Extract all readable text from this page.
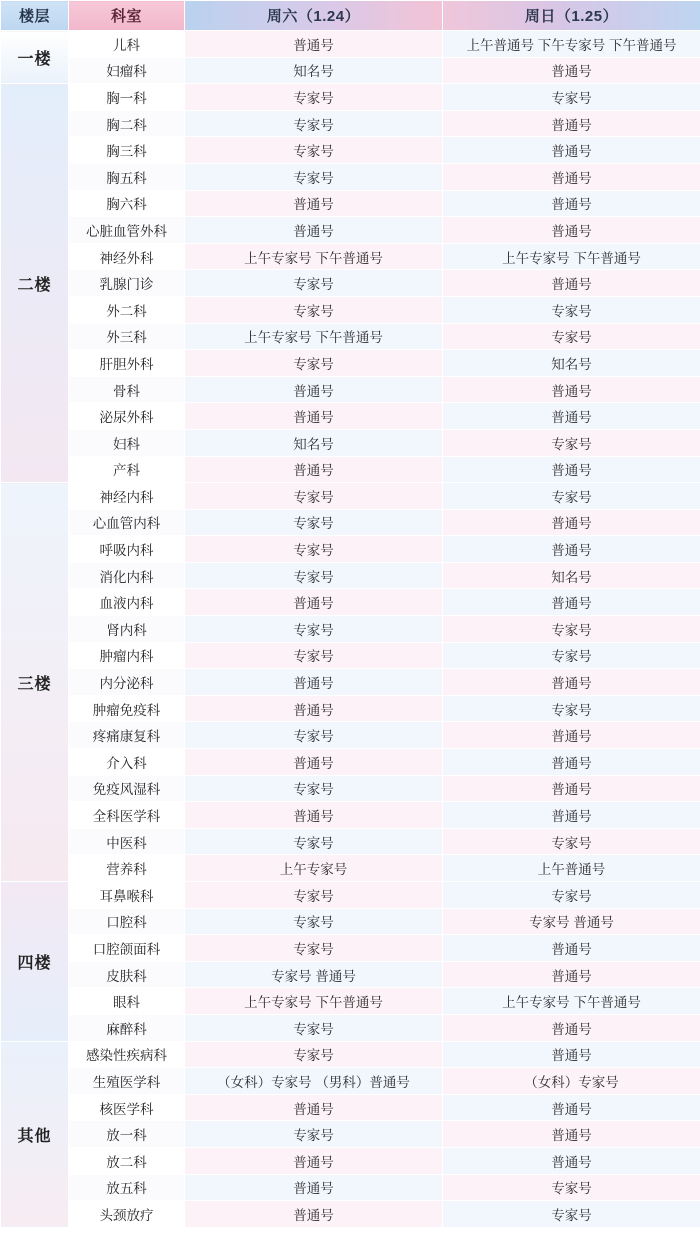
楼层	科室	周六（1.24）	周日（1.25）
一楼	儿科	普通号	上午普通号 下午专家号 下午普通号
	妇瘤科	知名号	普通号
二楼	胸一科	专家号	专家号
	胸二科	专家号	普通号
	胸三科	专家号	普通号
	胸五科	专家号	普通号
	胸六科	普通号	普通号
	心脏血管外科	普通号	普通号
	神经外科	上午专家号 下午普通号	上午专家号 下午普通号
	乳腺门诊	专家号	普通号
	外二科	专家号	专家号
	外三科	上午专家号 下午普通号	专家号
	肝胆外科	专家号	知名号
	骨科	普通号	普通号
	泌尿外科	普通号	普通号
	妇科	知名号	专家号
	产科	普通号	普通号
三楼	神经内科	专家号	专家号
	心血管内科	专家号	普通号
	呼吸内科	专家号	普通号
	消化内科	专家号	知名号
	血液内科	普通号	普通号
	肾内科	专家号	专家号
	肿瘤内科	专家号	专家号
	内分泌科	普通号	普通号
	肿瘤免疫科	普通号	专家号
	疼痛康复科	专家号	普通号
	介入科	普通号	普通号
	免疫风湿科	专家号	普通号
	全科医学科	普通号	普通号
	中医科	专家号	专家号
	营养科	上午专家号	上午普通号
四楼	耳鼻喉科	专家号	专家号
	口腔科	专家号	专家号 普通号
	口腔颌面科	专家号	普通号
	皮肤科	专家号 普通号	普通号
	眼科	上午专家号 下午普通号	上午专家号 下午普通号
	麻醉科	专家号	普通号
其他	感染性疾病科	专家号	普通号
	生殖医学科	（女科）专家号 （男科）普通号	（女科）专家号
	核医学科	普通号	普通号
	放一科	专家号	普通号
	放二科	普通号	普通号
	放五科	普通号	专家号
	头颈放疗	普通号	专家号
